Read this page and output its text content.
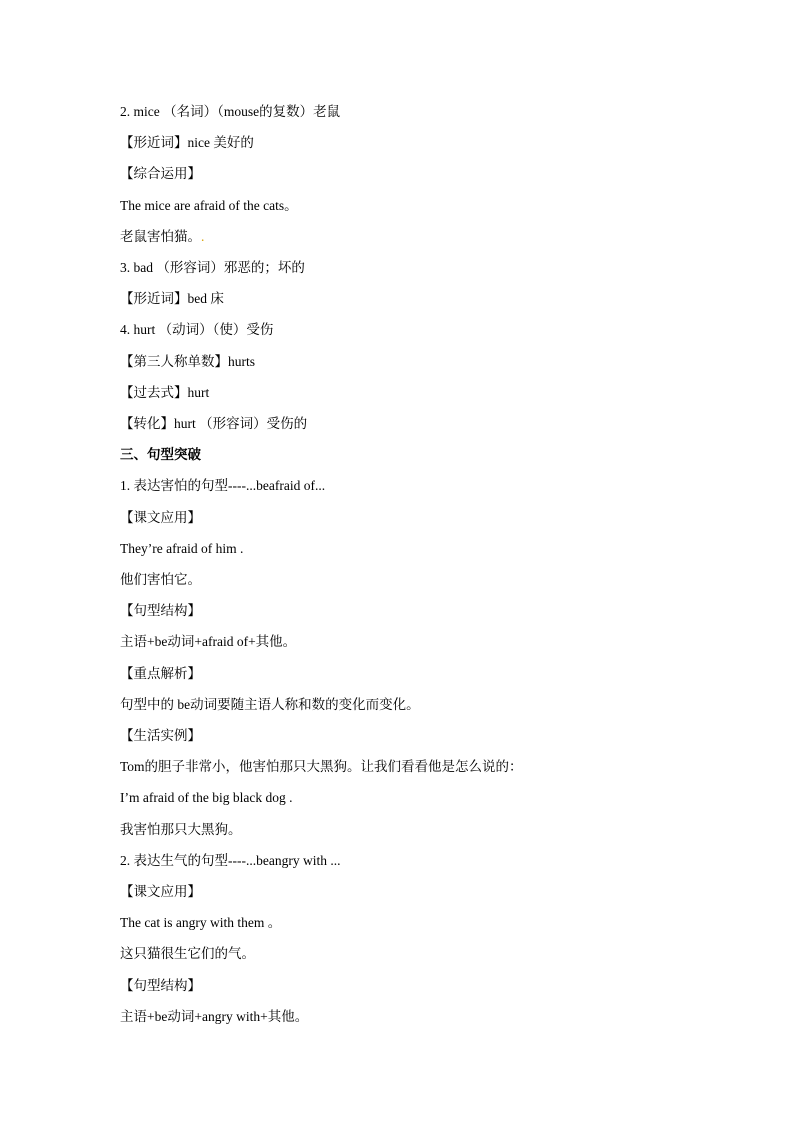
2. mice （名词）（mouse的复数）老鼠
【形近词】nice 美好的
【综合运用】
The mice are afraid of the cats。
老鼠害怕猫。.
3. bad （形容词）邪恶的；坏的
【形近词】bed 床
4. hurt （动词）（使）受伤
【第三人称单数】hurts
【过去式】hurt
【转化】hurt （形容词）受伤的
三、句型突破
1. 表达害怕的句型----...beafraid of...
【课文应用】
They’re afraid of him .
他们害怕它。
【句型结构】
主语+be动词+afraid of+其他。
【重点解析】
句型中的 be动词要随主语人称和数的变化而变化。
【生活实例】
Tom的胆子非常小，他害怕那只大黑狗。让我们看看他是怎么说的：
I’m afraid of the big black dog .
我害怕那只大黑狗。
2. 表达生气的句型----...beangry with ...
【课文应用】
The cat is angry with them 。
这只猫很生它们的气。
【句型结构】
主语+be动词+angry with+其他。
